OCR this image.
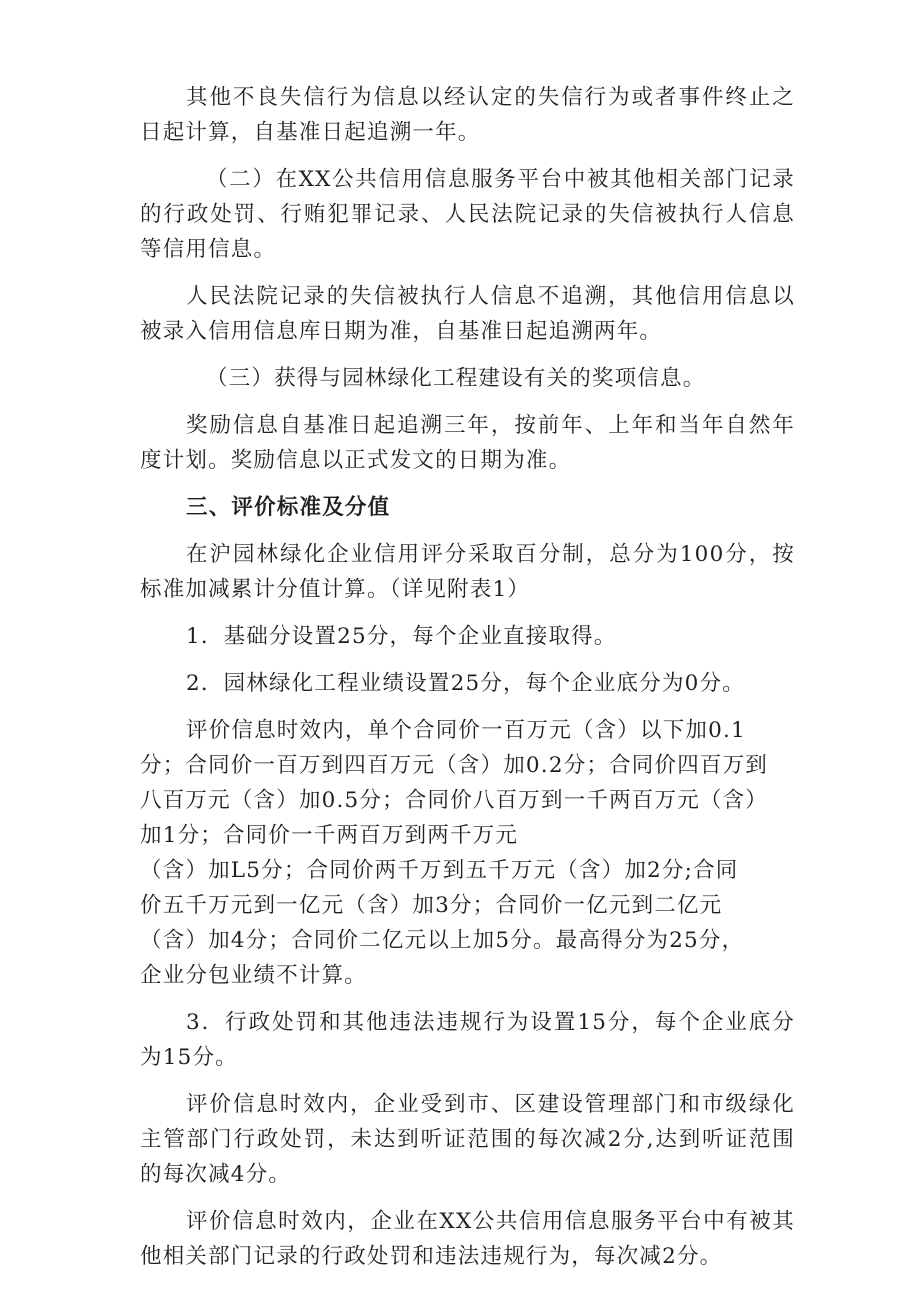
其他不良失信行为信息以经认定的失信行为或者事件终止之日起计算，自基准日起追溯一年。

（二）在XX公共信用信息服务平台中被其他相关部门记录的行政处罚、行贿犯罪记录、人民法院记录的失信被执行人信息等信用信息。

人民法院记录的失信被执行人信息不追溯，其他信用信息以被录入信用信息库日期为准，自基准日起追溯两年。

（三）获得与园林绿化工程建设有关的奖项信息。

奖励信息自基准日起追溯三年，按前年、上年和当年自然年度计划。奖励信息以正式发文的日期为准。

三、评价标准及分值

在沪园林绿化企业信用评分采取百分制，总分为100分，按标准加减累计分值计算。（详见附表1）

1．基础分设置25分，每个企业直接取得。

2．园林绿化工程业绩设置25分，每个企业底分为0分。

评价信息时效内，单个合同价一百万元（含）以下加0.1
分；合同价一百万到四百万元（含）加0.2分；合同价四百万到
八百万元（含）加0.5分；合同价八百万到一千两百万元（含）
加1分；合同价一千两百万到两千万元
（含）加L5分；合同价两千万到五千万元（含）加2分;合同
价五千万元到一亿元（含）加3分；合同价一亿元到二亿元
（含）加4分；合同价二亿元以上加5分。最高得分为25分，
企业分包业绩不计算。

3．行政处罚和其他违法违规行为设置15分，每个企业底分为15分。

评价信息时效内，企业受到市、区建设管理部门和市级绿化主管部门行政处罚，未达到听证范围的每次减2分,达到听证范围的每次减4分。

评价信息时效内，企业在XX公共信用信息服务平台中有被其他相关部门记录的行政处罚和违法违规行为，每次减2分。
